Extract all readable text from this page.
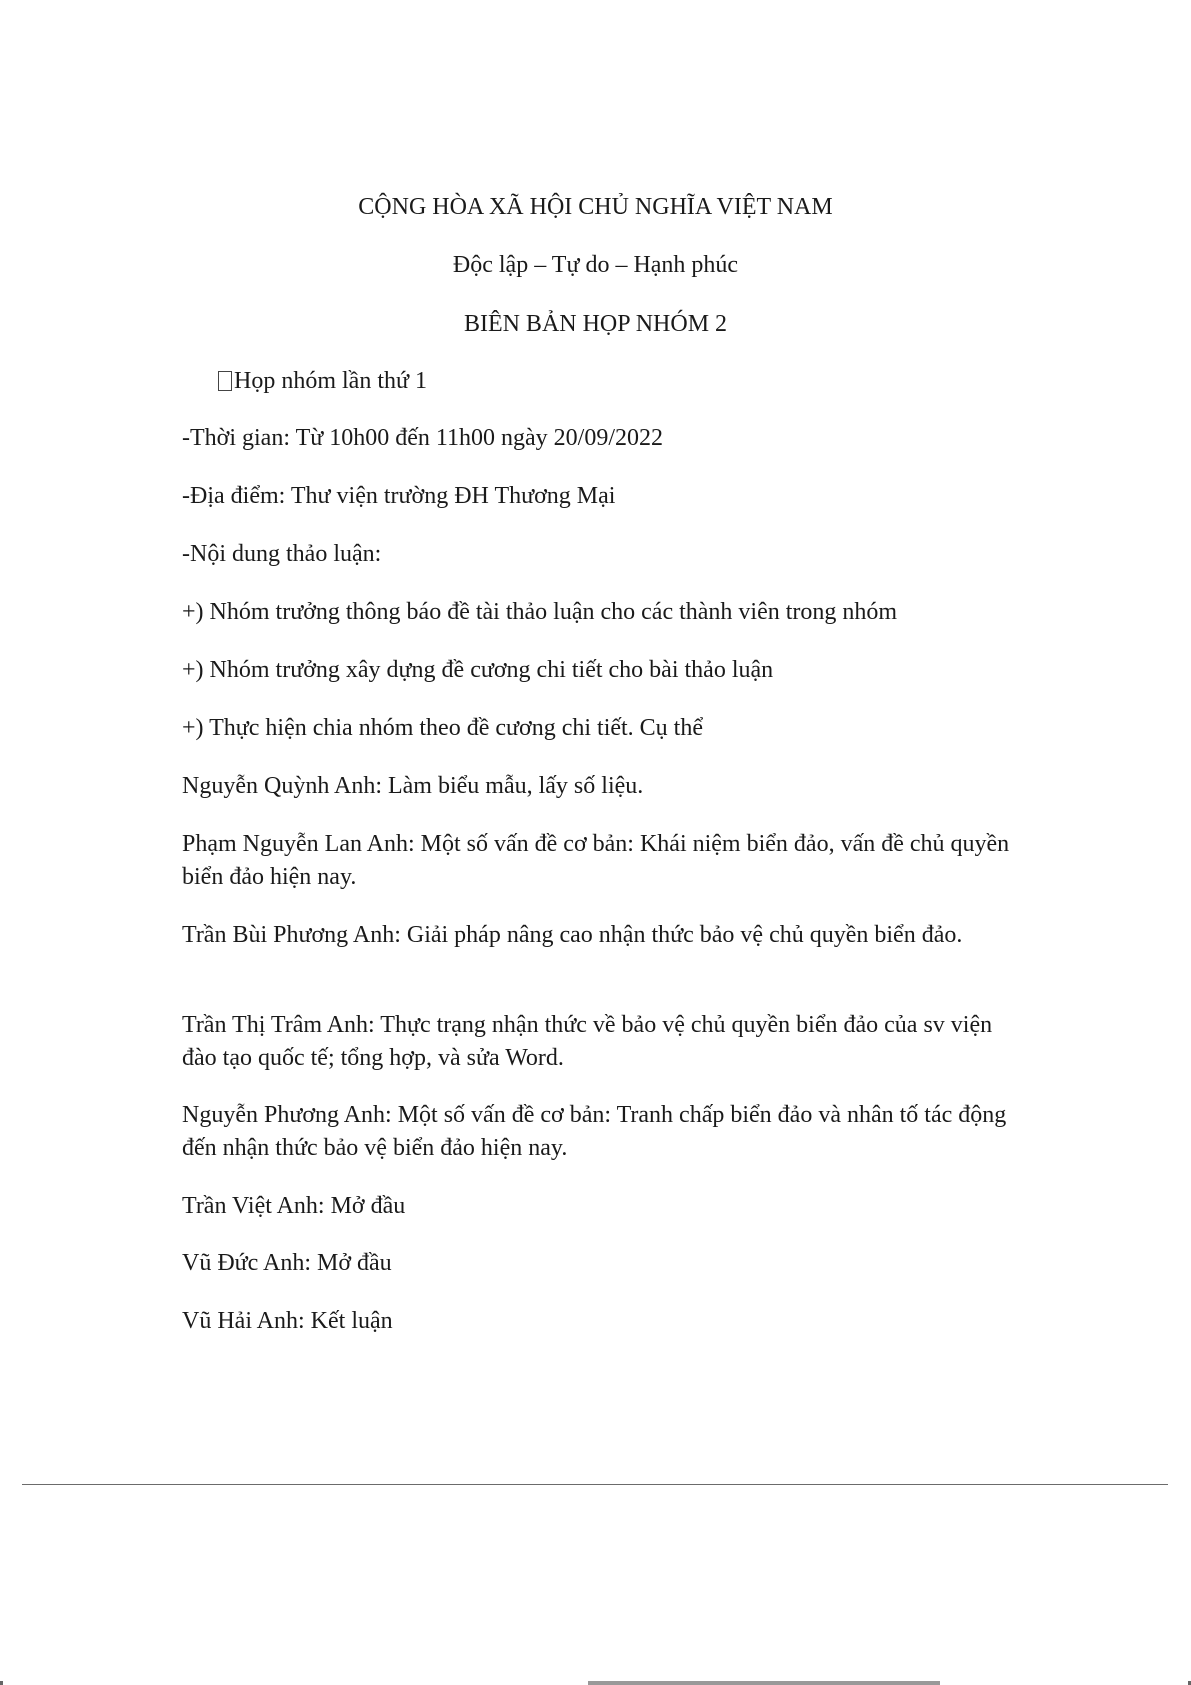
CỘNG HÒA XÃ HỘI CHỦ NGHĨA VIỆT NAM
Độc lập – Tự do – Hạnh phúc
BIÊN BẢN HỌP NHÓM 2
Họp nhóm lần thứ 1
-Thời gian: Từ 10h00 đến 11h00 ngày 20/09/2022
-Địa điểm: Thư viện trường ĐH Thương Mại
-Nội dung thảo luận:
+) Nhóm trưởng thông báo đề tài thảo luận cho các thành viên trong nhóm
+) Nhóm trưởng xây dựng đề cương chi tiết cho bài thảo luận
+) Thực hiện chia nhóm theo đề cương chi tiết. Cụ thể
Nguyễn Quỳnh Anh: Làm biểu mẫu, lấy số liệu.
Phạm Nguyễn Lan Anh: Một số vấn đề cơ bản: Khái niệm biển đảo, vấn đề chủ quyền biển đảo hiện nay.
Trần Bùi Phương Anh: Giải pháp nâng cao nhận thức bảo vệ chủ quyền biển đảo.
Trần Thị Trâm Anh: Thực trạng nhận thức về bảo vệ chủ quyền biển đảo của sv viện đào tạo quốc tế; tổng hợp, và sửa Word.
Nguyễn Phương Anh: Một số vấn đề cơ bản: Tranh chấp biển đảo và nhân tố tác động đến nhận thức bảo vệ biển đảo hiện nay.
Trần Việt Anh: Mở đầu
Vũ Đức Anh: Mở đầu
Vũ Hải Anh: Kết luận
